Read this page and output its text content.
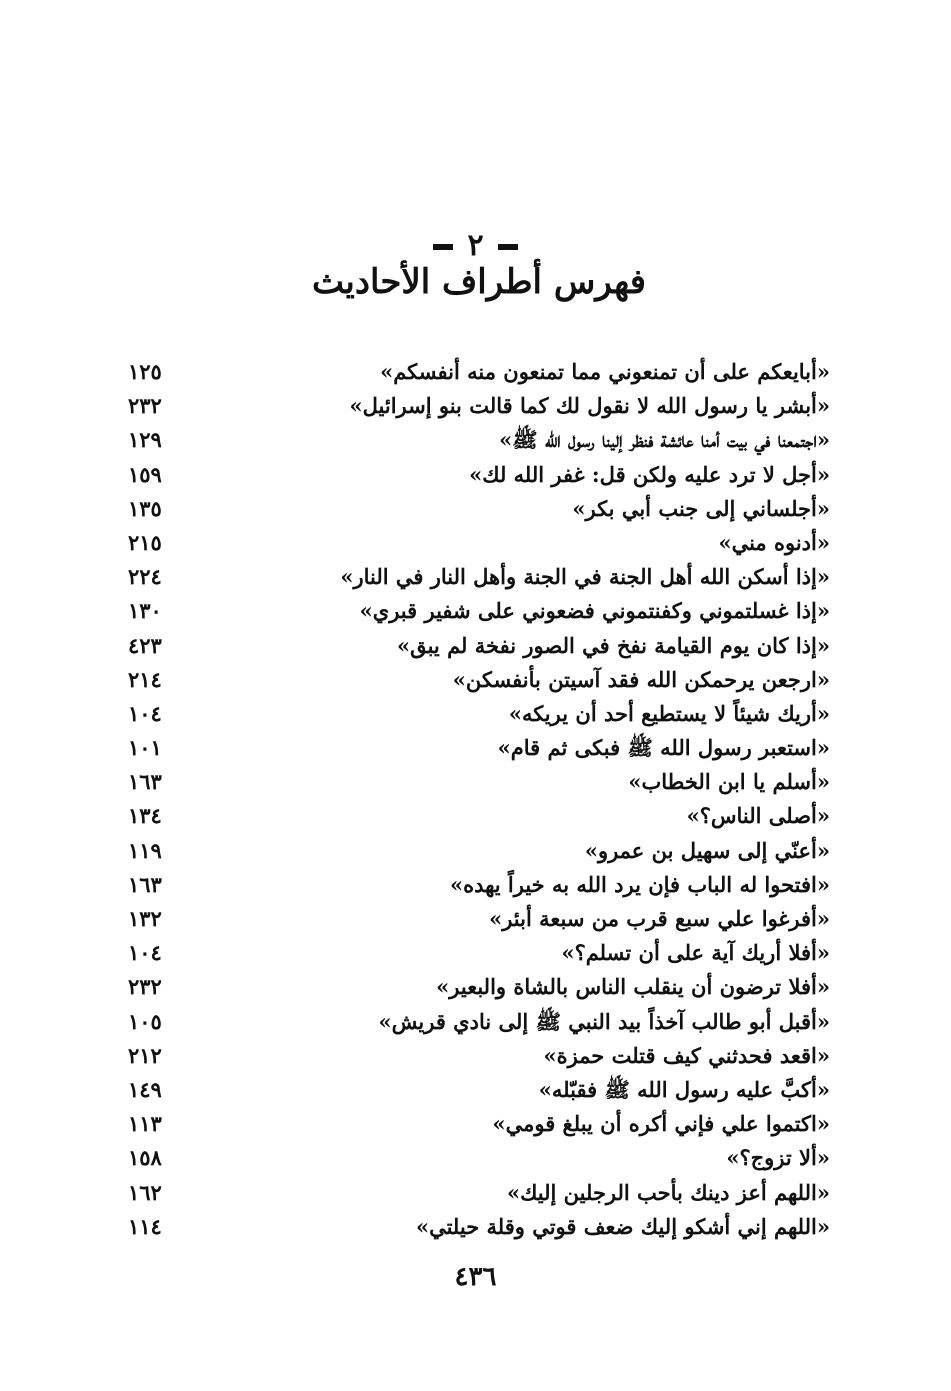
٢
فهرس أطراف الأحاديث
«أبايعكم على أن تمنعوني مما تمنعون منه أنفسكم»
١٢٥
«أبشر يا رسول الله لا نقول لك كما قالت بنو إسرائيل»
٢٣٢
«اجتمعنا في بيت أمنا عائشة فنظر إلينا رسول الله ﷺ»
١٢٩
«أجل لا ترد عليه ولكن قل: غفر الله لك»
١٥٩
«أجلساني إلى جنب أبي بكر»
١٣٥
«أدنوه مني»
٢١٥
«إذا أسكن الله أهل الجنة في الجنة وأهل النار في النار»
٢٢٤
«إذا غسلتموني وكفنتموني فضعوني على شفير قبري»
١٣٠
«إذا كان يوم القيامة نفخ في الصور نفخة لم يبق»
٤٢٣
«ارجعن يرحمكن الله فقد آسيتن بأنفسكن»
٢١٤
«أريك شيئاً لا يستطيع أحد أن يريكه»
١٠٤
«استعبر رسول الله ﷺ فبكى ثم قام»
١٠١
«أسلم يا ابن الخطاب»
١٦٣
«أصلى الناس؟»
١٣٤
«أعنّي إلى سهيل بن عمرو»
١١٩
«افتحوا له الباب فإن يرد الله به خيراً يهده»
١٦٣
«أفرغوا علي سبع قرب من سبعة أبئر»
١٣٢
«أفلا أريك آية على أن تسلم؟»
١٠٤
«أفلا ترضون أن ينقلب الناس بالشاة والبعير»
٢٣٢
«أقبل أبو طالب آخذاً بيد النبي ﷺ إلى نادي قريش»
١٠٥
«اقعد فحدثني كيف قتلت حمزة»
٢١٢
«أكبَّ عليه رسول الله ﷺ فقبّله»
١٤٩
«اكتموا علي فإني أكره أن يبلغ قومي»
١١٣
«ألا تزوج؟»
١٥٨
«اللهم أعز دينك بأحب الرجلين إليك»
١٦٢
«اللهم إني أشكو إليك ضعف قوتي وقلة حيلتي»
١١٤
٤٣٦
